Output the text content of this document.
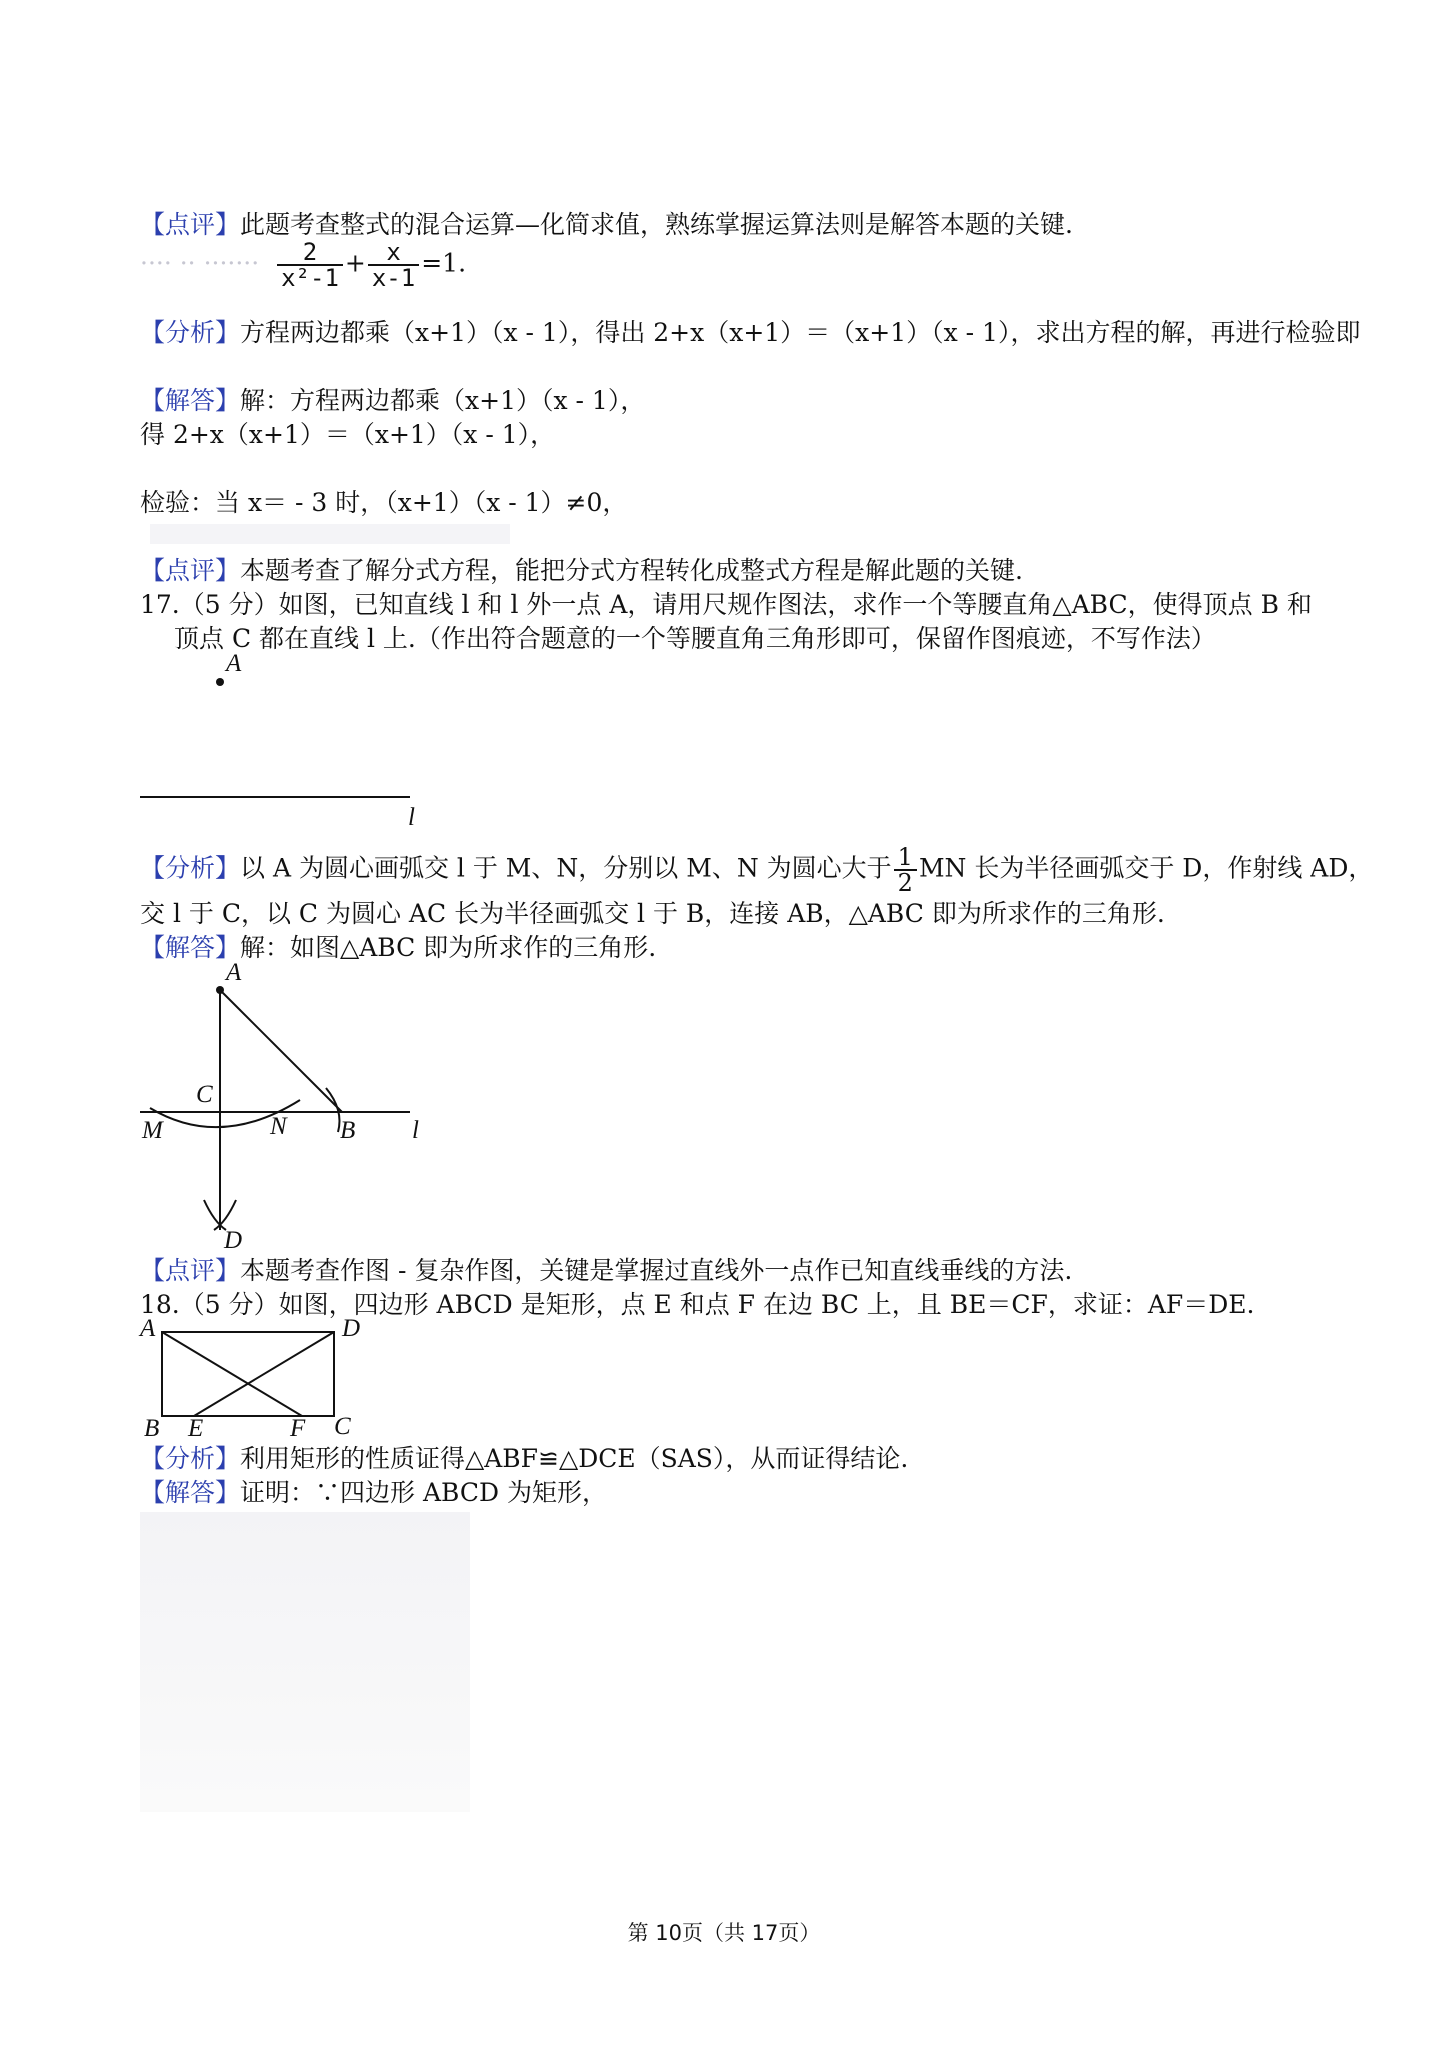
【点评】此题考查整式的混合运算—化简求值，熟练掌握运算法则是解答本题的关键.
···· ·· ······· $\frac{2}{\text{x²-1}} + \frac{x}{x-1} =1$.
【分析】方程两边都乘（x+1）（x - 1），得出 2+x（x+1）＝（x+1）（x - 1），求出方程的解，再进行检验即
【解答】解：方程两边都乘（x+1）（x - 1），
得 2+x（x+1）＝（x+1）（x - 1），
检验：当 x＝ - 3 时，（x+1）（x - 1）≠0，
【点评】本题考查了解分式方程，能把分式方程转化成整式方程是解此题的关键.
17.（5 分）如图，已知直线 l 和 l 外一点 A，请用尺规作图法，求作一个等腰直角△ABC，使得顶点 B 和
顶点 C 都在直线 l 上.（作出符合题意的一个等腰直角三角形即可，保留作图痕迹，不写作法）
A
l
【分析】以 A 为圆心画弧交 l 于 M、N，分别以 M、N 为圆心大于 $\frac{1}{2}$ MN 长为半径画弧交于 D，作射线 AD，
交 l 于 C，以 C 为圆心 AC 长为半径画弧交 l 于 B，连接 AB，△ABC 即为所求作的三角形.
【解答】解：如图△ABC 即为所求作的三角形.
A
C
M	N B l
D
【点评】本题考查作图 - 复杂作图，关键是掌握过直线外一点作已知直线垂线的方法.
18.（5 分）如图，四边形 ABCD 是矩形，点 E 和点 F 在边 BC 上，且 BE＝CF，求证：AF＝DE.
A	D
B E	F C
【分析】利用矩形的性质证得△ABF≌△DCE（SAS），从而证得结论.
【解答】证明：∵四边形 ABCD 为矩形，
第 10页（共 17页）
